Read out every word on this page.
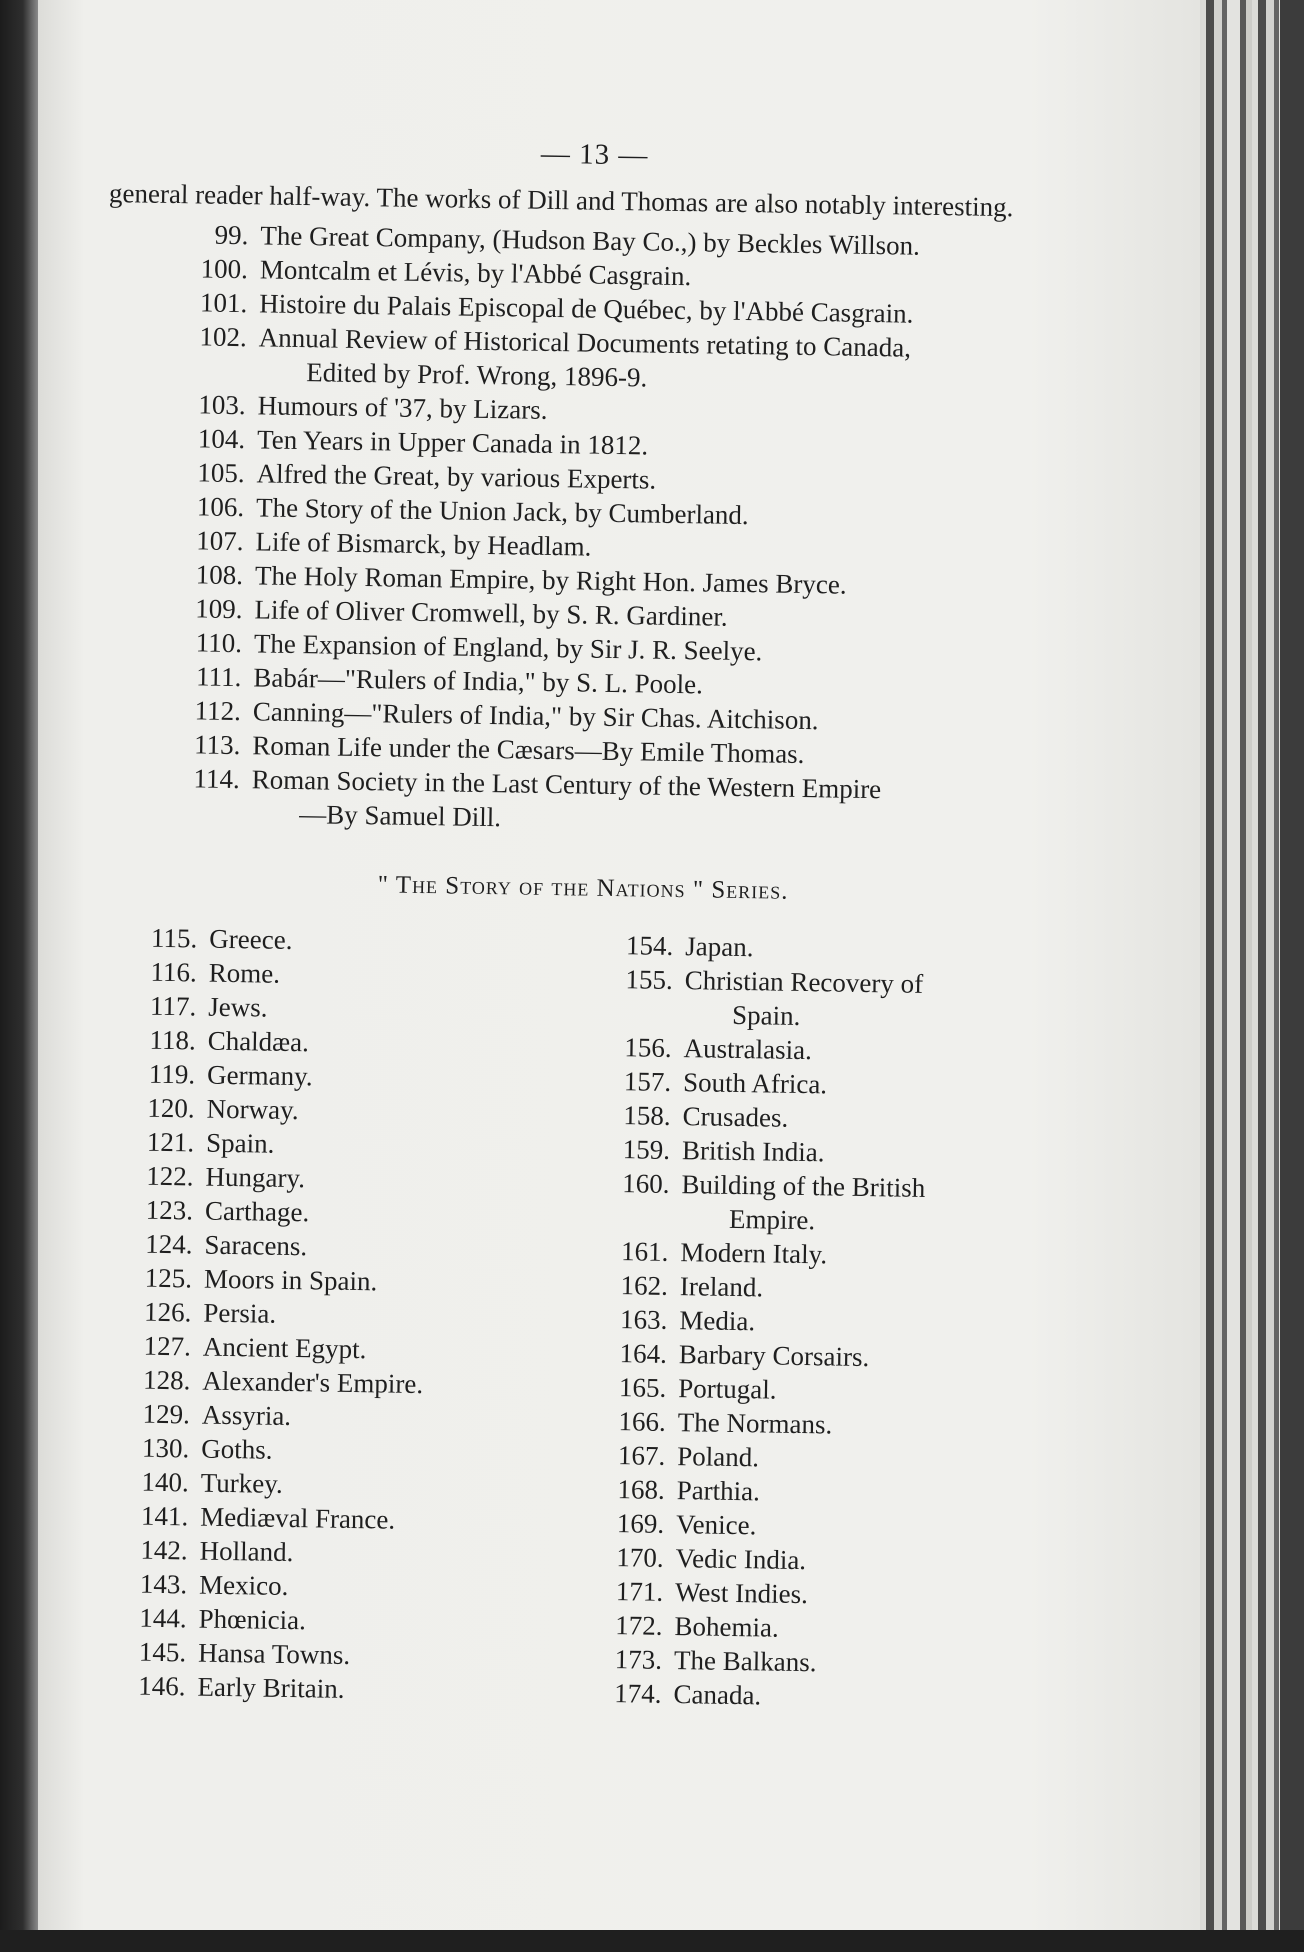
— 13 —
general reader half-way. The works of Dill and Thomas are also notably interesting.
99. The Great Company, (Hudson Bay Co.,) by Beckles Willson.
100. Montcalm et Lévis, by l'Abbé Casgrain.
101. Histoire du Palais Episcopal de Québec, by l'Abbé Casgrain.
102. Annual Review of Historical Documents retating to Canada,
Edited by Prof. Wrong, 1896-9.
103. Humours of '37, by Lizars.
104. Ten Years in Upper Canada in 1812.
105. Alfred the Great, by various Experts.
106. The Story of the Union Jack, by Cumberland.
107. Life of Bismarck, by Headlam.
108. The Holy Roman Empire, by Right Hon. James Bryce.
109. Life of Oliver Cromwell, by S. R. Gardiner.
110. The Expansion of England, by Sir J. R. Seelye.
111. Babár—"Rulers of India," by S. L. Poole.
112. Canning—"Rulers of India," by Sir Chas. Aitchison.
113. Roman Life under the Cæsars—By Emile Thomas.
114. Roman Society in the Last Century of the Western Empire
—By Samuel Dill.
" The Story of the Nations " Series.
115. Greece.
116. Rome.
117. Jews.
118. Chaldæa.
119. Germany.
120. Norway.
121. Spain.
122. Hungary.
123. Carthage.
124. Saracens.
125. Moors in Spain.
126. Persia.
127. Ancient Egypt.
128. Alexander's Empire.
129. Assyria.
130. Goths.
140. Turkey.
141. Mediæval France.
142. Holland.
143. Mexico.
144. Phœnicia.
145. Hansa Towns.
146. Early Britain.
154. Japan.
155. Christian Recovery of
Spain.
156. Australasia.
157. South Africa.
158. Crusades.
159. British India.
160. Building of the British
Empire.
161. Modern Italy.
162. Ireland.
163. Media.
164. Barbary Corsairs.
165. Portugal.
166. The Normans.
167. Poland.
168. Parthia.
169. Venice.
170. Vedic India.
171. West Indies.
172. Bohemia.
173. The Balkans.
174. Canada.
